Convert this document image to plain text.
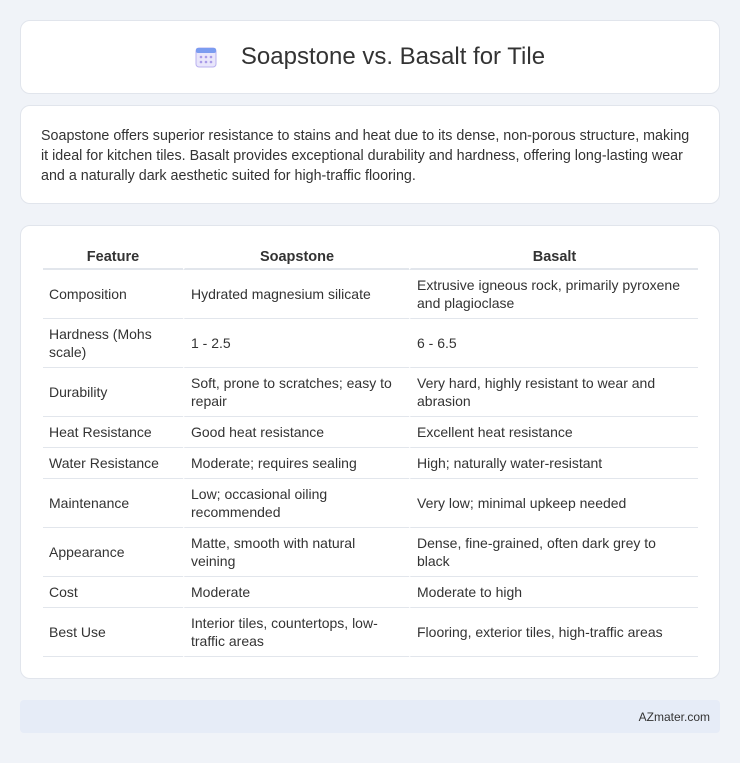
Soapstone vs. Basalt for Tile

Soapstone offers superior resistance to stains and heat due to its dense, non-porous structure, making it ideal for kitchen tiles. Basalt provides exceptional durability and hardness, offering long-lasting wear and a naturally dark aesthetic suited for high-traffic flooring.

Feature	Soapstone	Basalt
Composition	Hydrated magnesium silicate	Extrusive igneous rock, primarily pyroxene and plagioclase
Hardness (Mohs scale)	1 - 2.5	6 - 6.5
Durability	Soft, prone to scratches; easy to repair	Very hard, highly resistant to wear and abrasion
Heat Resistance	Good heat resistance	Excellent heat resistance
Water Resistance	Moderate; requires sealing	High; naturally water-resistant
Maintenance	Low; occasional oiling recommended	Very low; minimal upkeep needed
Appearance	Matte, smooth with natural veining	Dense, fine-grained, often dark grey to black
Cost	Moderate	Moderate to high
Best Use	Interior tiles, countertops, low-traffic areas	Flooring, exterior tiles, high-traffic areas
AZmater.com
